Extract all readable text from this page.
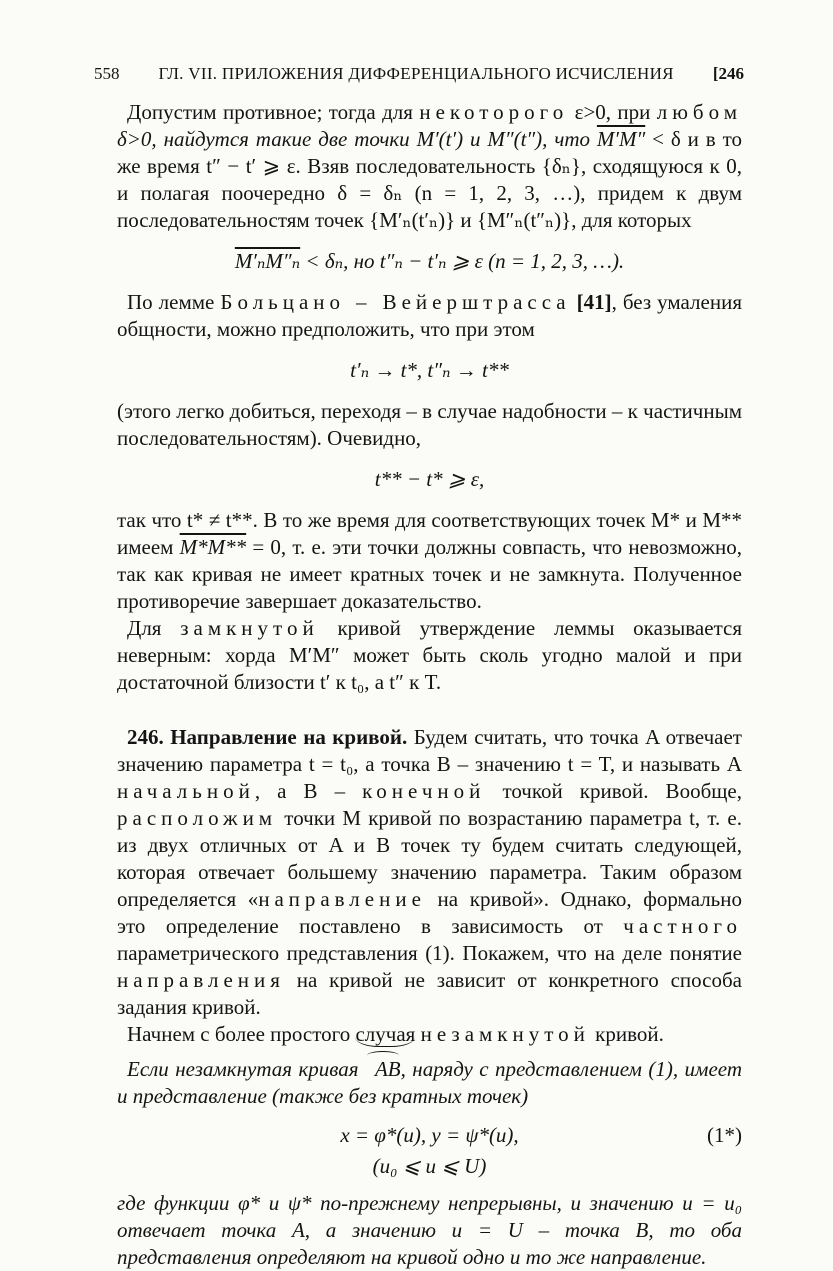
558 ГЛ. VII. ПРИЛОЖЕНИЯ ДИФФЕРЕНЦИАЛЬНОГО ИСЧИСЛЕНИЯ [246

Допустим противное; тогда для некоторого ε>0, при любом δ>0, найдутся такие две точки M′(t′) и M″(t″), что M′M″ < δ и в то же время t″ − t′ ⩾ ε. Взяв последовательность {δₙ}, сходящуюся к 0, и полагая поочередно δ = δₙ (n = 1, 2, 3, …), придем к двум последовательностям точек {M′ₙ(t′ₙ)} и {M″ₙ(t″ₙ)}, для которых

M′ₙM″ₙ < δₙ, но t″ₙ − t′ₙ ⩾ ε (n = 1, 2, 3, …).

По лемме Больцано – Вейерштрасса [41], без умаления общности, можно предположить, что при этом

t′ₙ → t*, t″ₙ → t**

(этого легко добиться, переходя – в случае надобности – к частичным последовательностям). Очевидно,

t** − t* ⩾ ε,

так что t* ≠ t**. В то же время для соответствующих точек M* и M** имеем M*M** = 0, т. е. эти точки должны совпасть, что невозможно, так как кривая не имеет кратных точек и не замкнута. Полученное противоречие завершает доказательство.

Для замкнутой кривой утверждение леммы оказывается неверным: хорда M′M″ может быть сколь угодно малой и при достаточной близости t′ к t₀, а t″ к T.

246. Направление на кривой. Будем считать, что точка A отвечает значению параметра t = t₀, а точка B – значению t = T, и называть A начальной, а B – конечной точкой кривой. Вообще, расположим точки M кривой по возрастанию параметра t, т. е. из двух отличных от A и B точек ту будем считать следующей, которая отвечает большему значению параметра. Таким образом определяется «направление на кривой». Однако, формально это определение поставлено в зависимость от частного параметрического представления (1). Покажем, что на деле понятие направления на кривой не зависит от конкретного способа задания кривой.

Начнем с более простого случая незамкнутой кривой.

Если незамкнутая кривая AB, наряду с представлением (1), имеет и представление (также без кратных точек)

x = φ*(u), y = ψ*(u),	(1*)
(u₀ ⩽ u ⩽ U)

где функции φ* и ψ* по-прежнему непрерывны, и значению u = u₀ отвечает точка A, а значению u = U – точка B, то оба представления определяют на кривой одно и то же направление.
